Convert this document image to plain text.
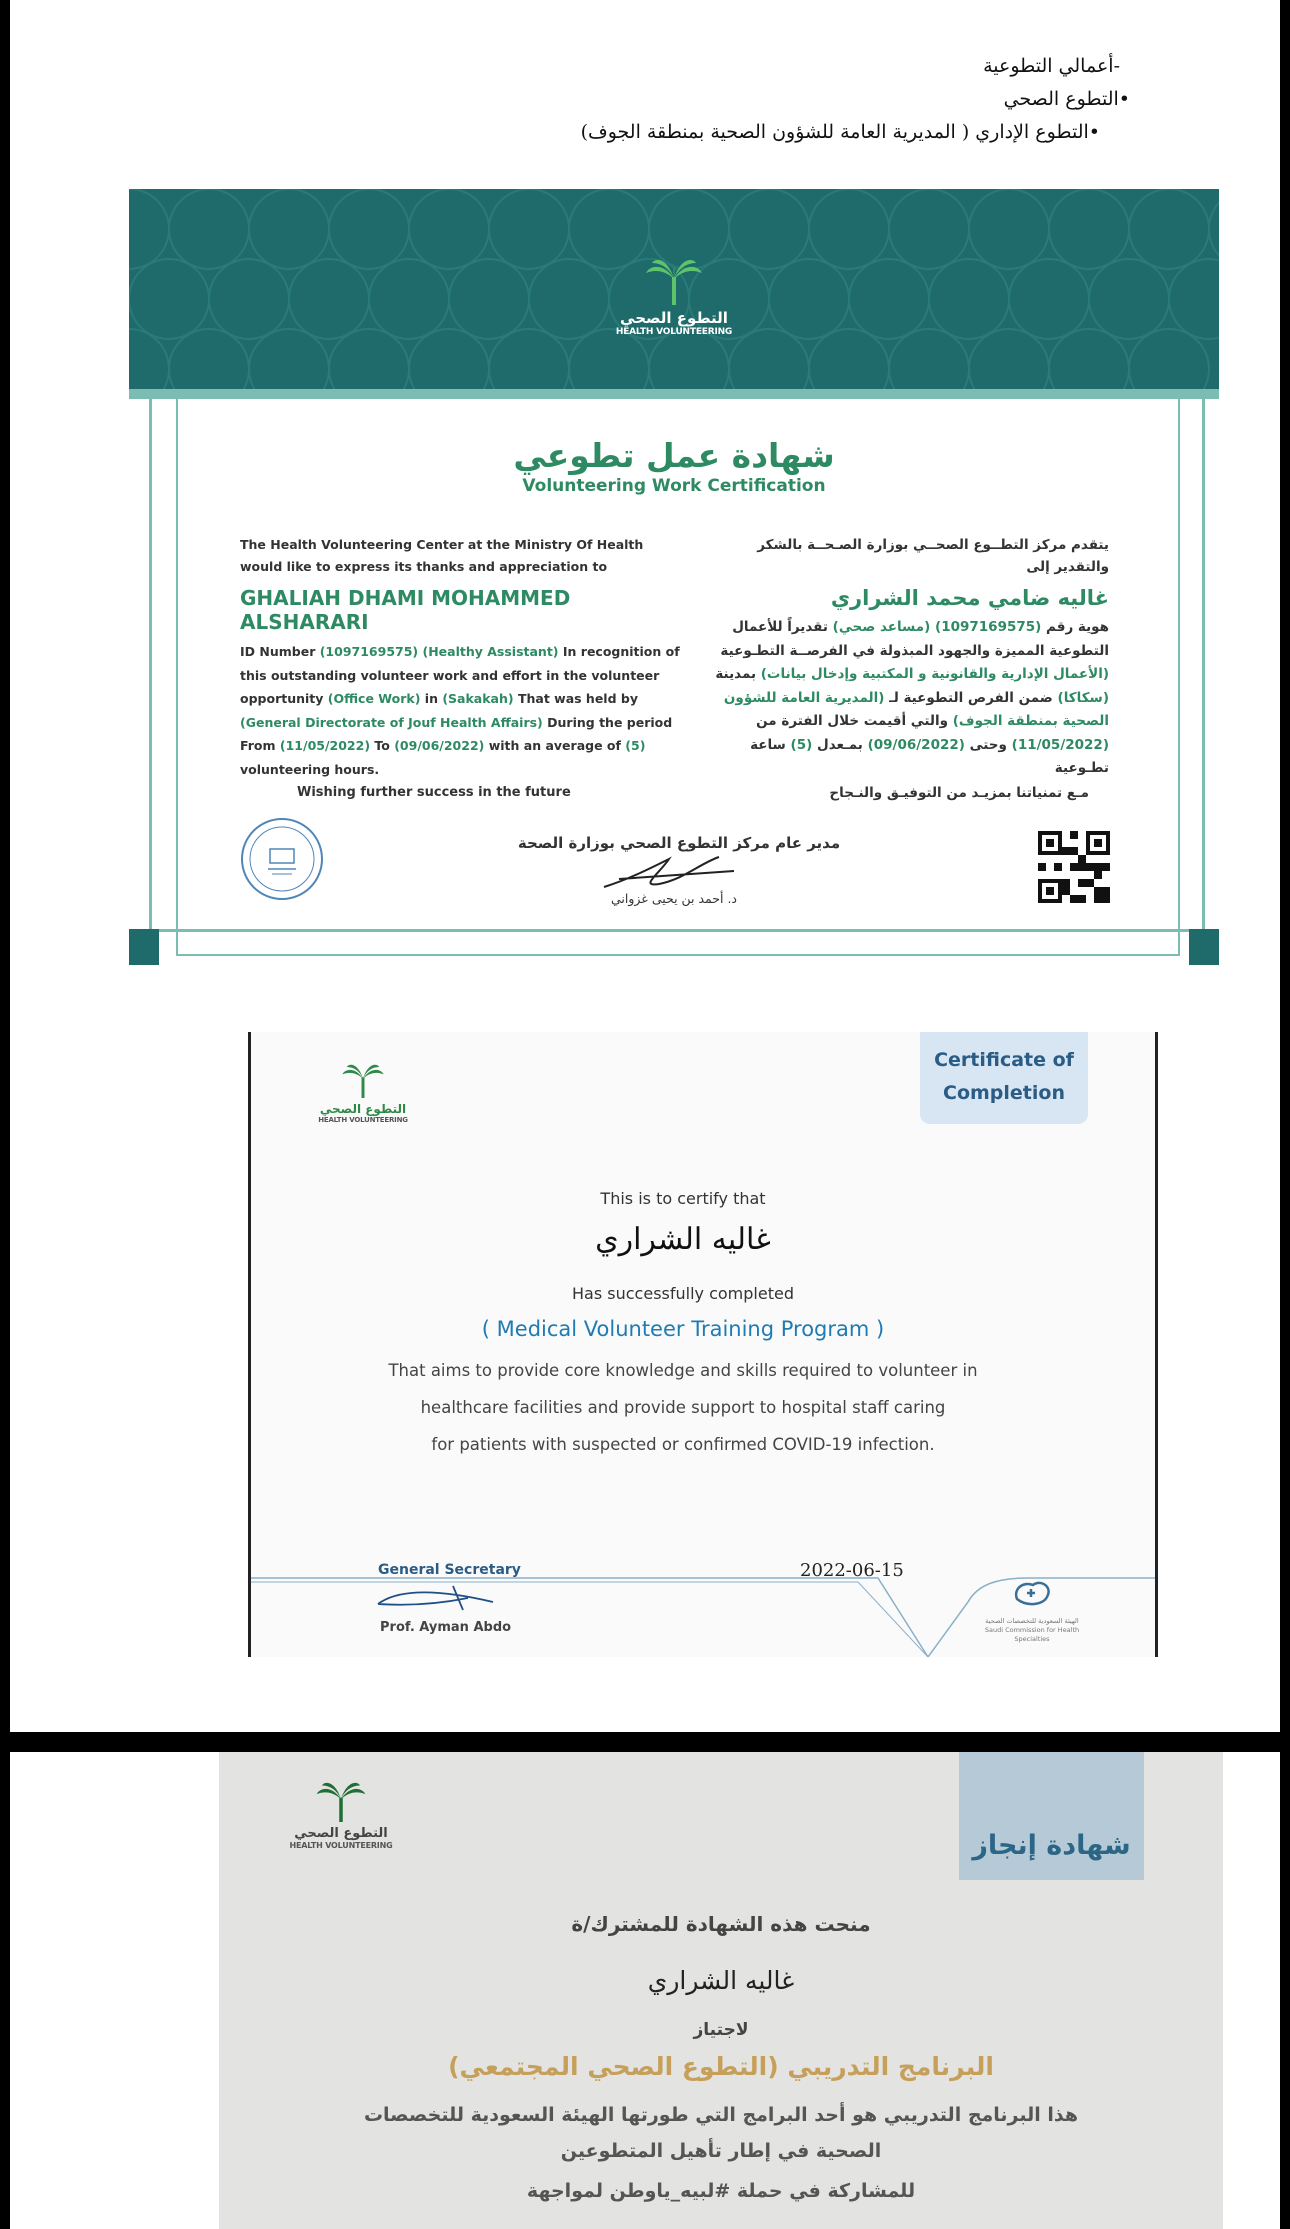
-أعمالي التطوعية
•التطوع الصحي
•التطوع الإداري ( المديرية العامة للشؤون الصحية بمنطقة الجوف)
التطوع الصحي
HEALTH VOLUNTEERING
شهادة عمل تطوعي
Volunteering Work Certification
The Health Volunteering Center at the Ministry Of Health would like to express its thanks and appreciation to
GHALIAH DHAMI MOHAMMED ALSHARARI
ID Number (1097169575) (Healthy Assistant) In recognition of this outstanding volunteer work and effort in the volunteer opportunity (Office Work) in (Sakakah) That was held by (General Directorate of Jouf Health Affairs) During the period From (11/05/2022) To (09/06/2022) with an average of (5) volunteering hours.
Wishing further success in the future
يتقدم مركز التطــوع الصحــي بوزارة الصـحــة بالشكر والتقدير إلى
غاليه ضامي محمد الشراري
هوية رقم (1097169575) (مساعد صحي) تقديراً للأعمال التطوعية المميزة والجهود المبذولة في الفرصــة التطـوعية (الأعمال الإدارية والقانونية و المكتبية وإدخال بيانات) بمدينة (سكاكا) ضمن الفرص التطوعية لـ (المديرية العامة للشؤون الصحية بمنطقة الجوف) والتي أقيمت خلال الفترة من (11/05/2022) وحتى (09/06/2022) بمـعدل (5) ساعة تطـوعية
مـع تمنياتنا بمزيـد من التوفيـق والنـجاح
مدير عام مركز التطوع الصحي بوزارة الصحة
د. أحمد بن يحيى غزواني
التطوع الصحي
HEALTH VOLUNTEERING
Certificate of
Completion
This is to certify that
غاليه الشراري
Has successfully completed
( Medical Volunteer Training Program )
That aims to provide core knowledge and skills required to volunteer in
healthcare facilities and provide support to hospital staff caring
for patients with suspected or confirmed COVID-19 infection.
General Secretary
Prof. Ayman Abdo
2022-06-15
الهيئة السعودية للتخصصات الصحية
Saudi Commission for Health Specialties
شهادة إنجاز
التطوع الصحي
HEALTH VOLUNTEERING
منحت هذه الشهادة للمشترك/ة
غاليه الشراري
لاجتياز
البرنامج التدريبي (التطوع الصحي المجتمعي)
هذا البرنامج التدريبي هو أحد البرامج التي طورتها الهيئة السعودية للتخصصات
الصحية في إطار تأهيل المتطوعين
للمشاركة في حملة #لبيه_ياوطن لمواجهة
